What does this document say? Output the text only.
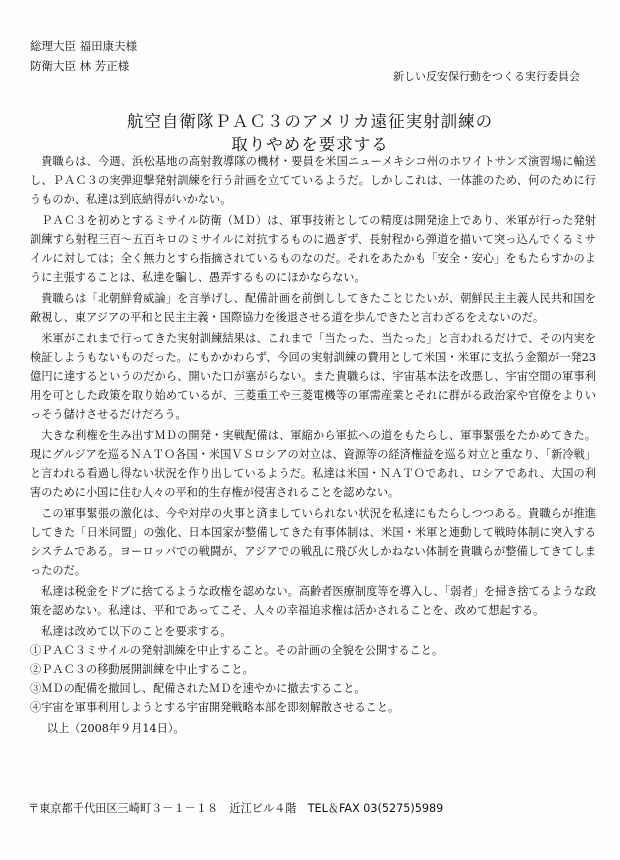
総理大臣 福田康夫様
防衛大臣 林 芳正様
新しい反安保行動をつくる実行委員会
航空自衛隊ＰＡＣ３のアメリカ遠征実射訓練の
取りやめを要求する

貴職らは、今週、浜松基地の高射教導隊の機材・要員を米国ニューメキシコ州のホワイトサンズ演習場に輸送し、ＰＡＣ３の実弾迎撃発射訓練を行う計画を立てているようだ。しかしこれは、一体誰のため、何のために行うものか、私達は到底納得がいかない。

ＰＡＣ３を初めとするミサイル防衛（ＭＤ）は、軍事技術としての精度は開発途上であり、米軍が行った発射訓練すら射程三百～五百キロのミサイルに対抗するものに過ぎず、長射程から弾道を描いて突っ込んでくるミサイルに対しては；全く無力とすら指摘されているものなのだ。それをあたかも「安全・安心」をもたらすかのように主張することは、私達を騙し、愚弄するものにほかならない。

貴職らは「北朝鮮脅威論」を言挙げし、配備計画を前倒ししてきたことじたいが、朝鮮民主主義人民共和国を敵視し、東アジアの平和と民主主義・国際協力を後退させる道を歩んできたと言わざるをえないのだ。

米軍がこれまで行ってきた実射訓練結果は、これまで「当たった、当たった」と言われるだけで、その内実を検証しようもないものだった。にもかかわらず、今回の実射訓練の費用として米国・米軍に支払う金額が一発23億円に達するというのだから、開いた口が塞がらない。また貴職らは、宇宙基本法を改悪し、宇宙空間の軍事利用を可とした政策を取り始めているが、三菱重工や三菱電機等の軍需産業とそれに群がる政治家や官僚をよりいっそう儲けさせるだけだろう。

大きな利権を生み出すＭＤの開発・実戦配備は、軍縮から軍拡への道をもたらし、軍事緊張をたかめてきた。現にグルジアを巡るＮＡＴＯ各国・米国ＶＳロシアの対立は、資源等の経済権益を巡る対立と重なり、「新冷戦」と言われる看過し得ない状況を作り出しているようだ。私達は米国・ＮＡＴＯであれ、ロシアであれ、大国の利害のために小国に住む人々の平和的生存権が侵害されることを認めない。

この軍事緊張の激化は、今や対岸の火事と済ましていられない状況を私達にもたらしつつある。貴職らが推進してきた「日米同盟」の強化、日本国家が整備してきた有事体制は、米国・米軍と連動して戦時体制に突入するシステムである。ヨーロッパでの戦闘が、アジアでの戦乱に飛び火しかねない体制を貴職らが整備してきてしまったのだ。

私達は税金をドブに捨てるような政権を認めない。高齢者医療制度等を導入し、「弱者」を掃き捨てるような政策を認めない。私達は、平和であってこそ、人々の幸福追求権は活かされることを、改めて想起する。

私達は改めて以下のことを要求する。

①ＰＡＣ３ミサイルの発射訓練を中止すること。その計画の全貌を公開すること。

②ＰＡＣ３の移動展開訓練を中止すること。

③ＭＤの配備を撤回し、配備されたＭＤを速やかに撤去すること。

④宇宙を軍事利用しようとする宇宙開発戦略本部を即刻解散させること。

以上（2008年９月14日）。

〒東京都千代田区三崎町３－１－１８　近江ビル４階　TEL＆FAX 03(5275)5989
